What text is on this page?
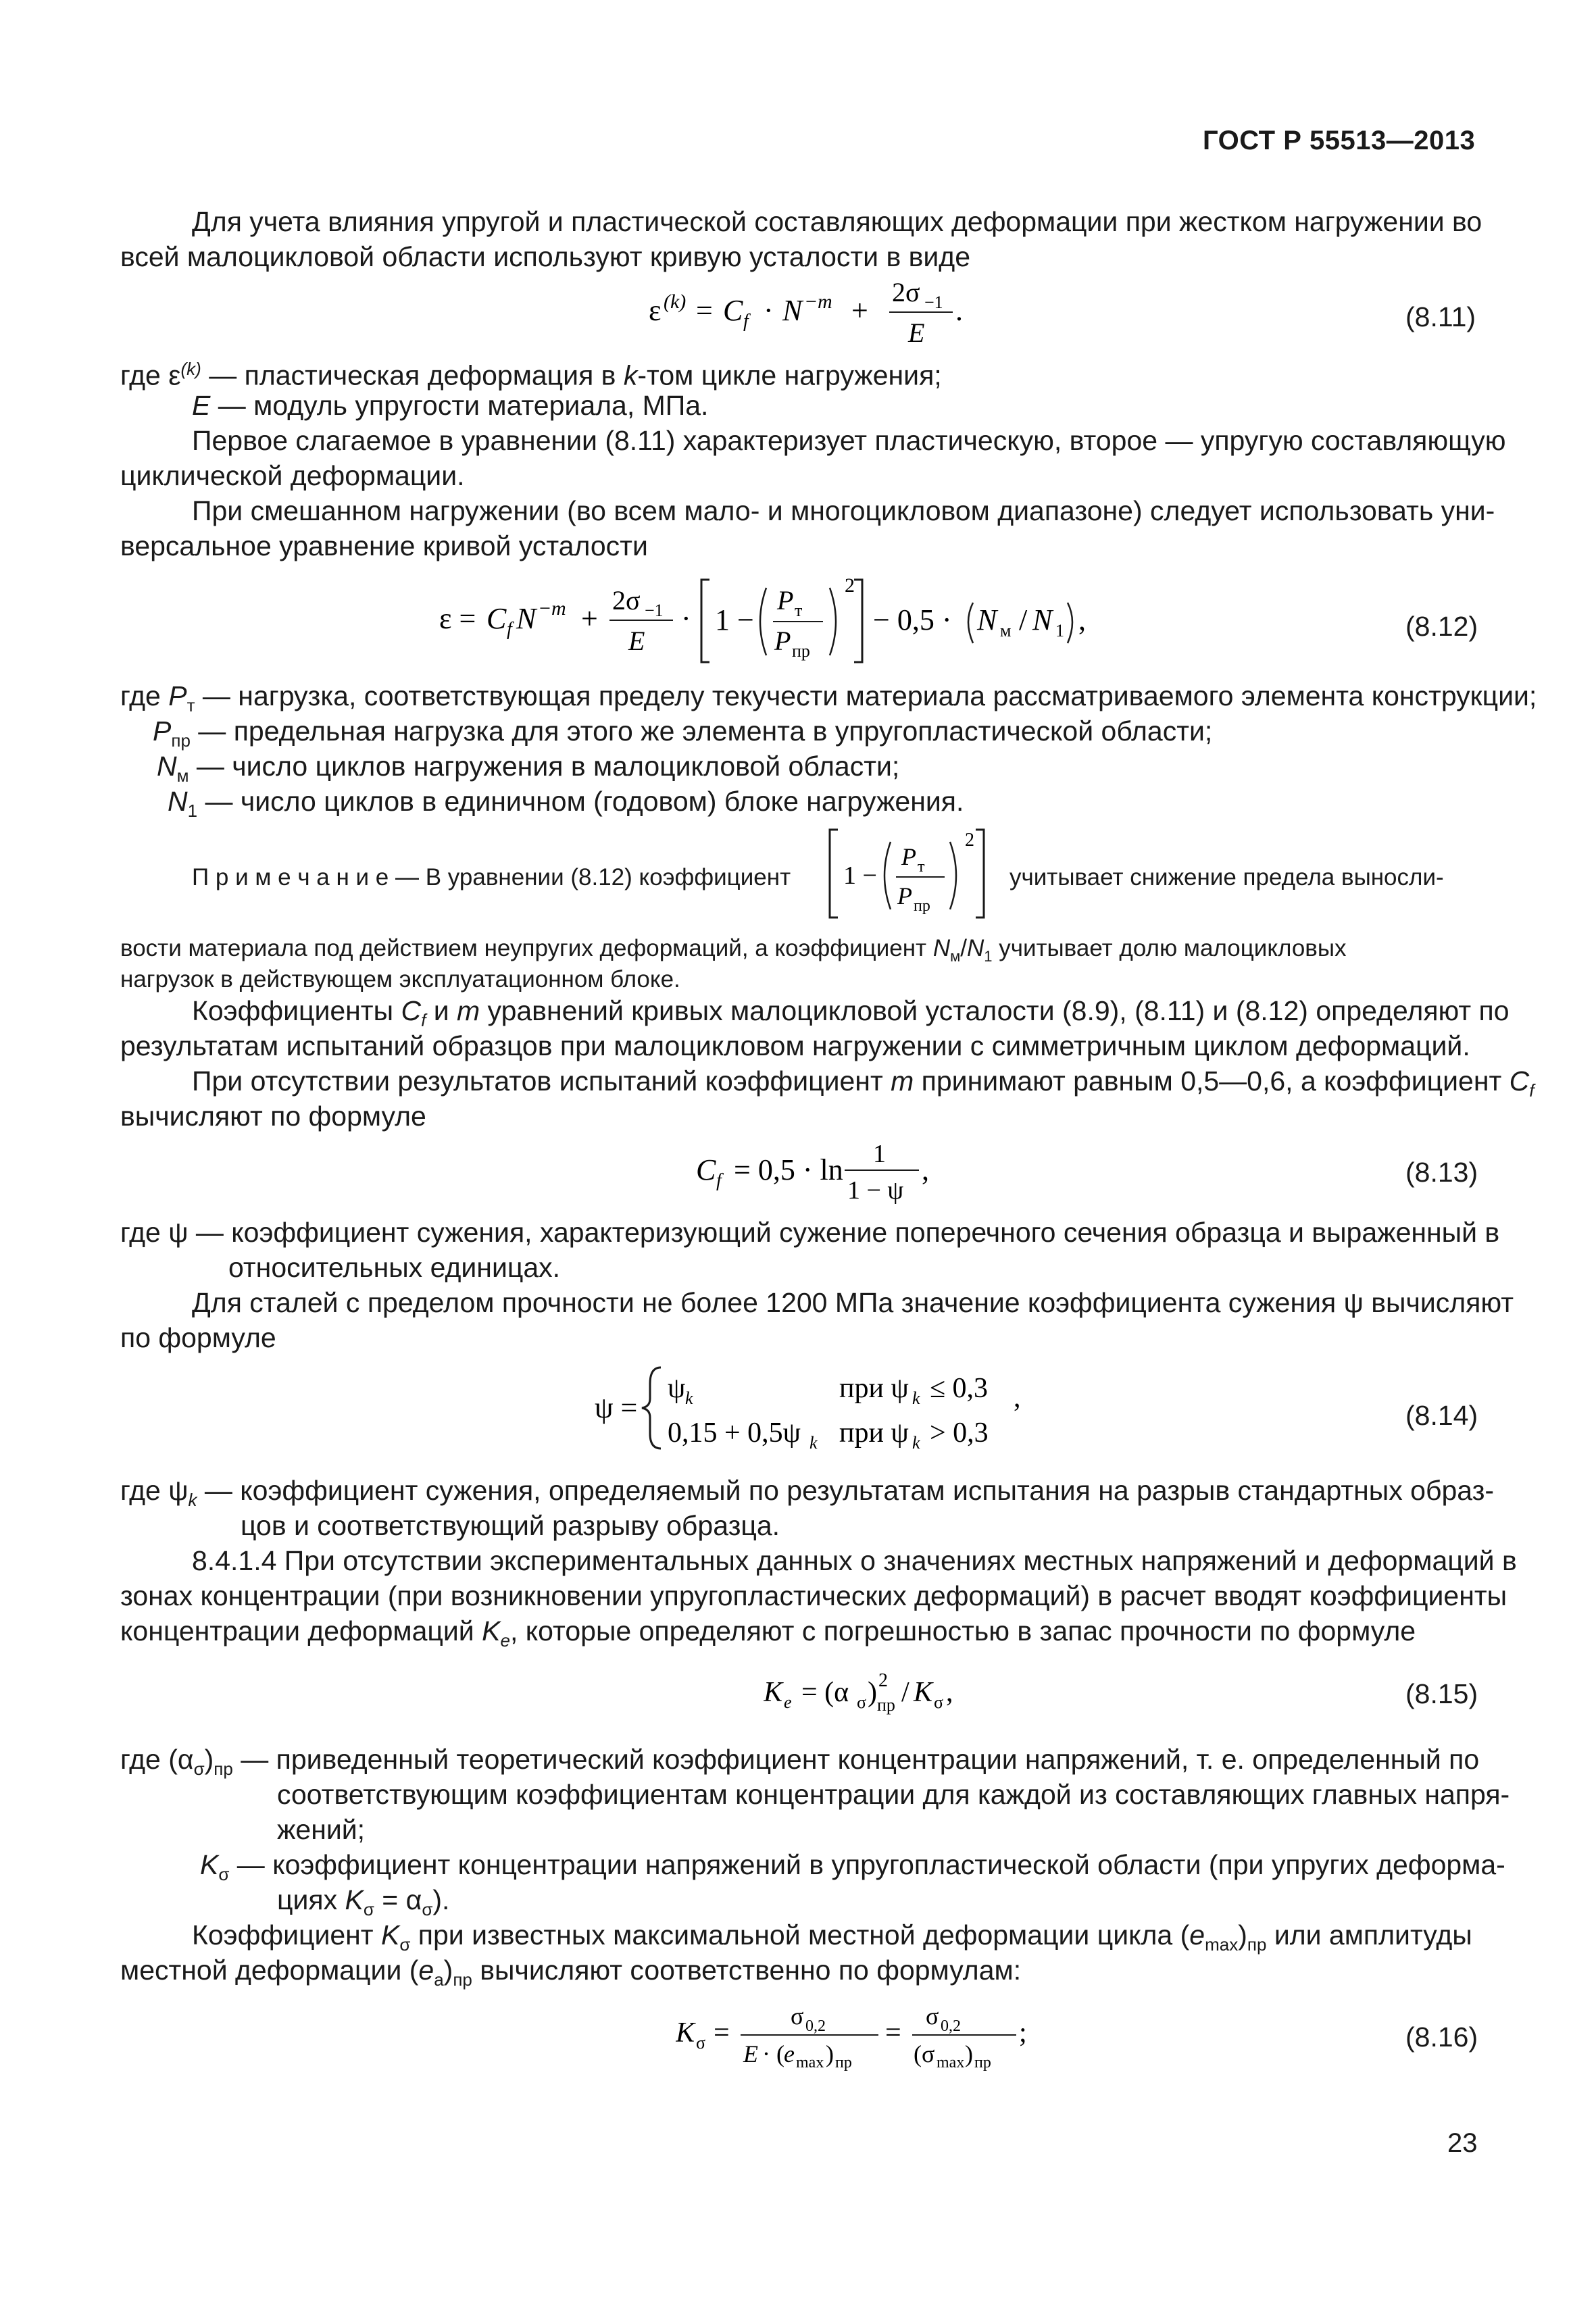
ГОСТ Р 55513—2013
Для учета влияния упругой и пластической составляющих деформации при жестком нагружении во
всей малоцикловой области используют кривую усталости в виде
ε (k) = C f · N − m +
2σ −1
E
.	(8.11)
где $\varepsilon^{(k)}$ — пластическая деформация в k-том цикле нагружения;
E — модуль упругости материала, МПа.
Первое слагаемое в уравнении (8.11) характеризует пластическую, второе — упругую составляющую
циклической деформации.
При смешанном нагружении (во всем мало- и многоцикловом диапазоне) следует использовать уни-
версальное уравнение кривой усталости
ε = C f N − m +
2σ −1
E
· 1 −
P т
P пр
2
− 0,5 · N м / N 1 ,	(8.12)
где $P_т$ — нагрузка, соответствующая пределу текучести материала рассматриваемого элемента конструкции;
$P_{пр}$ — предельная нагрузка для этого же элемента в упругопластической области;
$N_м$ — число циклов нагружения в малоцикловой области;
$N_1$ — число циклов в единичном (годовом) блоке нагружения.
П р и м е ч а н и е — В уравнении (8.12) коэффициент 1 −
P т
P пр
2
учитывает снижение предела выносли-
вости материала под действием неупругих деформаций, а коэффициент $N_м/N_1$ учитывает долю малоцикловых
нагрузок в действующем эксплуатационном блоке.
Коэффициенты $C_f$ и m уравнений кривых малоцикловой усталости (8.9), (8.11) и (8.12) определяют по
результатам испытаний образцов при малоцикловом нагружении с симметричным циклом деформаций.
При отсутствии результатов испытаний коэффициент m принимают равным 0,5—0,6, а коэффициент $C_f$
вычисляют по формуле
C f = 0,5 · ln 1
1 − ψ
,	(8.13)
где ψ — коэффициент сужения, характеризующий сужение поперечного сечения образца и выраженный в
относительных единицах.
Для сталей с пределом прочности не более 1200 МПа значение коэффициента сужения ψ вычисляют
по формуле
ψ =
ψ k	при ψ k ≤ 0,3
0,15 + 0,5ψ k при ψ k > 0,3
,
(8.14)
где $\psi_k$ — коэффициент сужения, определяемый по результатам испытания на разрыв стандартных образ-
цов и соответствующий разрыву образца.
8.4.1.4 При отсутствии экспериментальных данных о значениях местных напряжений и деформаций в
зонах концентрации (при возникновении упругопластических деформаций) в расчет вводят коэффициенты
концентрации деформаций $K_e$, которые определяют с погрешностью в запас прочности по формуле
K e = (α σ ) 2
пр / K σ ,	(8.15)
где $(\alpha_\sigma)_{пр}$ — приведенный теоретический коэффициент концентрации напряжений, т. е. определенный по
соответствующим коэффициентам концентрации для каждой из составляющих главных напря-
жений;
$K_\sigma$ — коэффициент концентрации напряжений в упругопластической области (при упругих деформа-
циях $K_\sigma = \alpha_\sigma$).
Коэффициент $K_\sigma$ при известных максимальной местной деформации цикла $(e_{max})_{пр}$ или амплитуды
местной деформации $(e_a)_{пр}$ вычисляют соответственно по формулам:
K σ =
σ 0,2
E · ( e max ) пр
=
σ 0,2
(σ max ) пр
;	(8.16)
23
